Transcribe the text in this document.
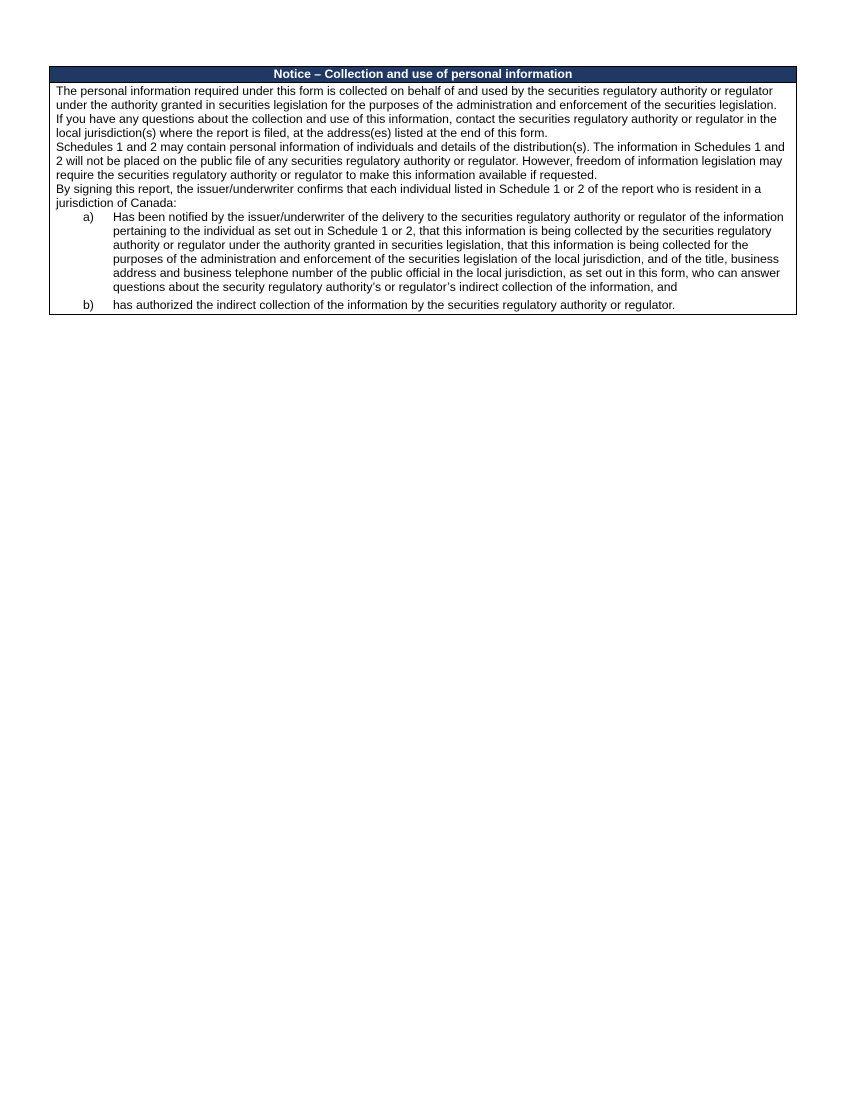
Notice – Collection and use of personal information

The personal information required under this form is collected on behalf of and used by the securities regulatory authority or regulator under the authority granted in securities legislation for the purposes of the administration and enforcement of the securities legislation.

If you have any questions about the collection and use of this information, contact the securities regulatory authority or regulator in the local jurisdiction(s) where the report is filed, at the address(es) listed at the end of this form.

Schedules 1 and 2 may contain personal information of individuals and details of the distribution(s). The information in Schedules 1 and 2 will not be placed on the public file of any securities regulatory authority or regulator. However, freedom of information legislation may require the securities regulatory authority or regulator to make this information available if requested.

By signing this report, the issuer/underwriter confirms that each individual listed in Schedule 1 or 2 of the report who is resident in a jurisdiction of Canada:

a)	Has been notified by the issuer/underwriter of the delivery to the securities regulatory authority or regulator of the information pertaining to the individual as set out in Schedule 1 or 2, that this information is being collected by the securities regulatory authority or regulator under the authority granted in securities legislation, that this information is being collected for the purposes of the administration and enforcement of the securities legislation of the local jurisdiction, and of the title, business address and business telephone number of the public official in the local jurisdiction, as set out in this form, who can answer questions about the security regulatory authority’s or regulator’s indirect collection of the information, and
b)	has authorized the indirect collection of the information by the securities regulatory authority or regulator.
